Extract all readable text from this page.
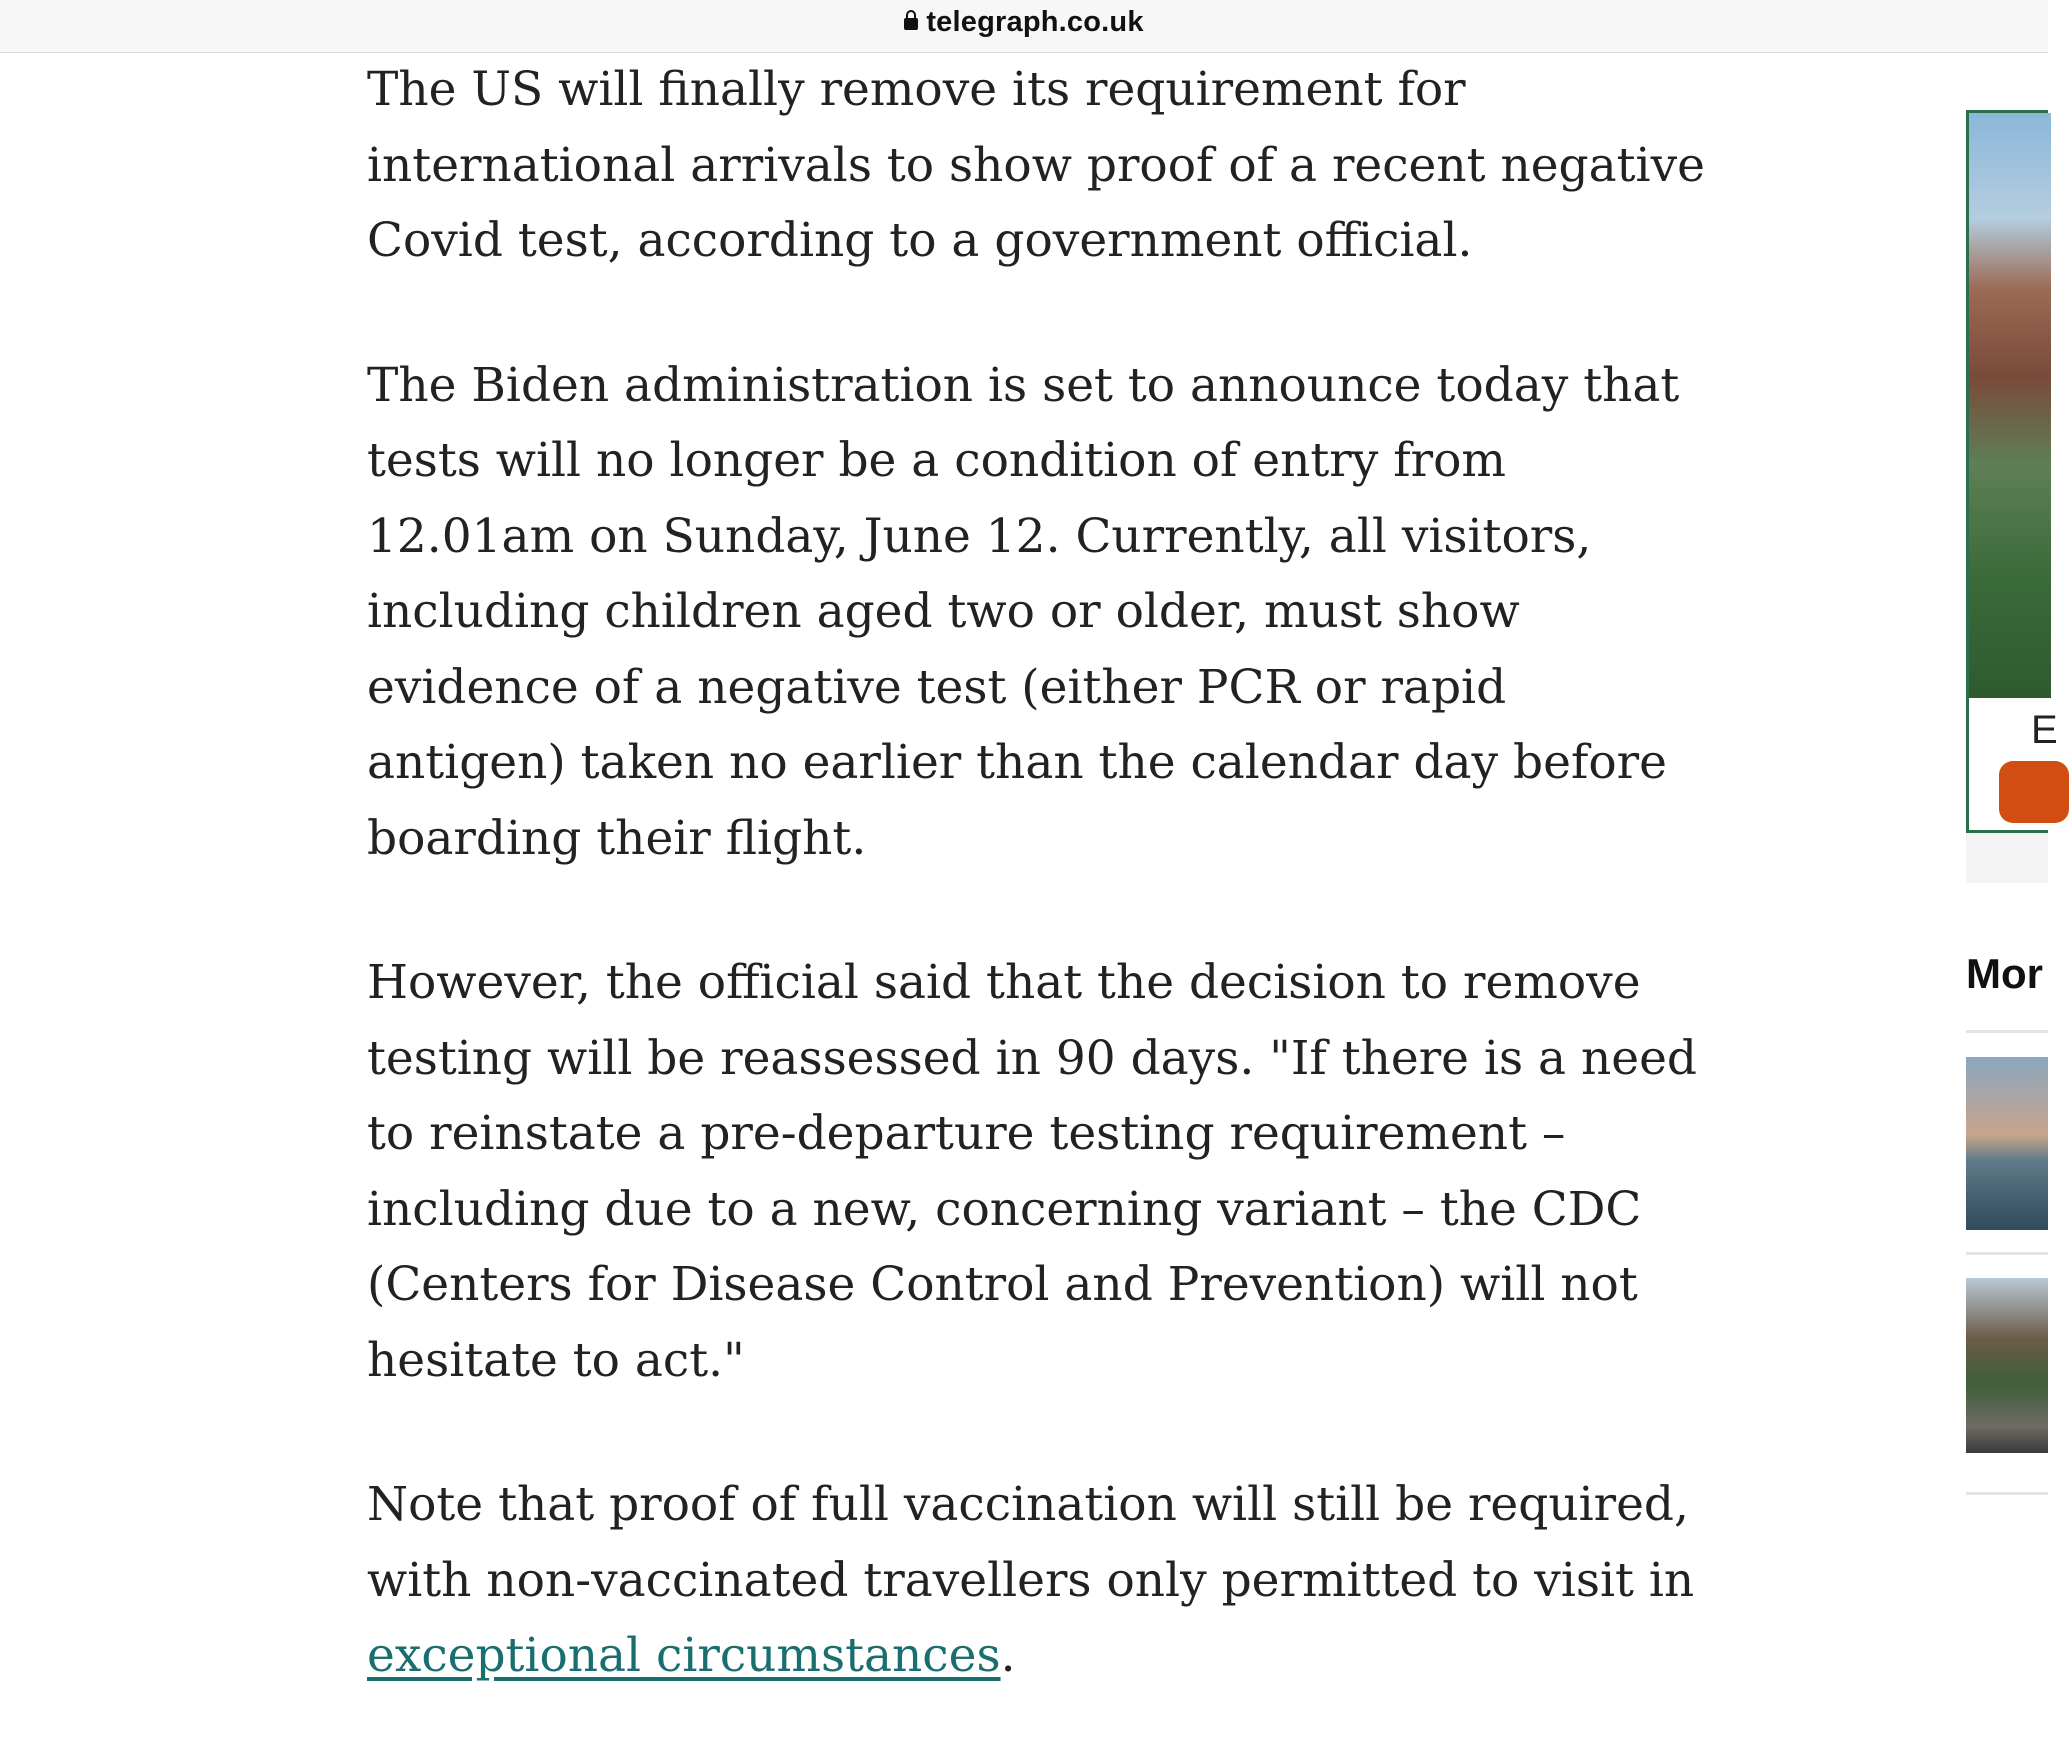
telegraph.co.uk

The US will finally remove its requirement for international arrivals to show proof of a recent negative Covid test, according to a government official.

The Biden administration is set to announce today that tests will no longer be a condition of entry from 12.01am on Sunday, June 12. Currently, all visitors, including children aged two or older, must show evidence of a negative test (either PCR or rapid antigen) taken no earlier than the calendar day before boarding their flight.

However, the official said that the decision to remove testing will be reassessed in 90 days. "If there is a need to reinstate a pre-departure testing requirement – including due to a new, concerning variant – the CDC (Centers for Disease Control and Prevention) will not hesitate to act."

Note that proof of full vaccination will still be required, with non-vaccinated travellers only permitted to visit in exceptional circumstances.

E
Mor
